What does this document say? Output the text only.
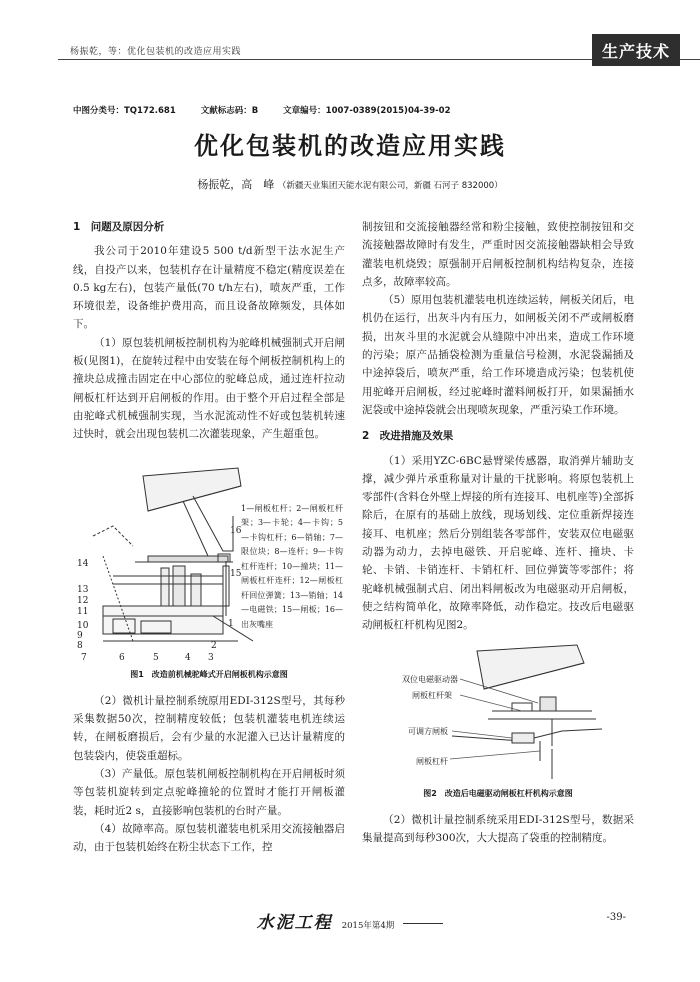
杨振乾，等：优化包装机的改造应用实践	生产技术
中图分类号：TQ172.681	文献标志码：B	文章编号：1007-0389(2015)04-39-02
优化包装机的改造应用实践
杨振乾，高　峰 （新疆天业集团天能水泥有限公司，新疆 石河子 832000）
1　问题及原因分析

我公司于2010年建设5 500 t/d新型干法水泥生产线，自投产以来，包装机存在计量精度不稳定(精度误差在0.5 kg左右)，包装产量低(70 t/h左右)，喷灰严重，工作环境很差，设备维护费用高，而且设备故障频发，具体如下。

（1）原包装机闸板控制机构为驼峰机械强制式开启闸板(见图1)，在旋转过程中由安装在每个闸板控制机构上的撞块总成撞击固定在中心部位的驼峰总成，通过连杆拉动闸板杠杆达到开启闸板的作用。由于整个开启过程全部是由驼峰式机械强制实现，当水泥流动性不好或包装机转速过快时，就会出现包装机二次灌装现象，产生超重包。

16
15
14
13
12
11
10
9
8
7	6	5	4 3
2
1
1—闸板杠杆；2—闸板杠杆架；3—卡轮；4—卡钩；5—卡钩杠杆；6—销轴；7—限位块；8—连杆；9—卡钩杠杆连杆；10—撞块；11—闸板杠杆连杆；12—闸板杠杆回位弹簧；13—销轴；14—电磁铁；15—闸板；16—出灰嘴座
图1　改造前机械驼峰式开启闸板机构示意图

（2）微机计量控制系统原用EDI-312S型号，其每秒采集数据50次，控制精度较低；包装机灌装电机连续运转，在闸板磨损后，会有少量的水泥灌入已达计量精度的包装袋内，使袋重超标。

（3）产量低。原包装机闸板控制机构在开启闸板时须等包装机旋转到定点驼峰撞轮的位置时才能打开闸板灌装，耗时近2 s，直接影响包装机的台时产量。

（4）故障率高。原包装机灌装电机采用交流接触器启动，由于包装机始终在粉尘状态下工作，控

制按钮和交流接触器经常和粉尘接触，致使控制按钮和交流接触器故障时有发生，严重时因交流接触器缺相会导致灌装电机烧毁；原强制开启闸板控制机构结构复杂，连接点多，故障率较高。

（5）原用包装机灌装电机连续运转，闸板关闭后，电机仍在运行，出灰斗内有压力，如闸板关闭不严或闸板磨损，出灰斗里的水泥就会从缝隙中冲出来，造成工作环境的污染；原产品插袋检测为重量信号检测，水泥袋漏插及中途掉袋后，喷灰严重，给工作环境造成污染；包装机使用驼峰开启闸板，经过驼峰时灌料闸板打开，如果漏插水泥袋或中途掉袋就会出现喷灰现象，严重污染工作环境。

2　改进措施及效果

（1）采用YZC-6BC悬臂梁传感器，取消弹片辅助支撑，减少弹片承重称量对计量的干扰影响。将原包装机上零部件(含料仓外壁上焊接的所有连接耳、电机座等)全部拆除后，在原有的基础上放线，现场划线、定位重新焊接连接耳、电机座；然后分别组装各零部件，安装双位电磁驱动器为动力，去掉电磁铁、开启驼峰、连杆、撞块、卡轮、卡销、卡销连杆、卡销杠杆、回位弹簧等零部件；将驼峰机械强制式启、闭出料闸板改为电磁驱动开启闸板，使之结构简单化，故障率降低，动作稳定。技改后电磁驱动闸板杠杆机构见图2。

双位电磁驱动器
闸板杠杆架
可调方闸板
闸板杠杆
图2　改造后电磁驱动闸板杠杆机构示意图

（2）微机计量控制系统采用EDI-312S型号，数据采集量提高到每秒300次，大大提高了袋重的控制精度。

水泥工程 2015年第4期
-39-
